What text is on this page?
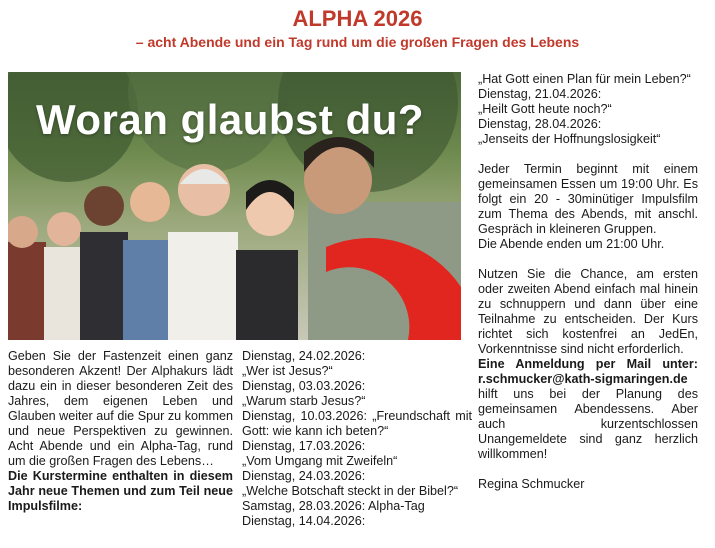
ALPHA 2026
– acht Abende und ein Tag rund um die großen Fragen des Lebens
Woran glaubst du?

Geben Sie der Fastenzeit einen ganz besonderen Akzent! Der Alphakurs lädt dazu ein in dieser besonderen Zeit des Jahres, dem eigenen Leben und Glauben weiter auf die Spur zu kommen und neue Perspektiven zu gewinnen. Acht Abende und ein Alpha-Tag, rund um die großen Fragen des Lebens…

Die Kurstermine enthalten in diesem Jahr neue Themen und zum Teil neue Impulsfilme:

Dienstag, 24.02.2026:

„Wer ist Jesus?“

Dienstag, 03.03.2026:

„Warum starb Jesus?“

Dienstag, 10.03.2026: „Freundschaft mit Gott: wie kann ich beten?“

Dienstag, 17.03.2026:

„Vom Umgang mit Zweifeln“

Dienstag, 24.03.2026:

„Welche Botschaft steckt in der Bibel?“

Samstag, 28.03.2026: Alpha-Tag

Dienstag, 14.04.2026:

„Hat Gott einen Plan für mein Leben?“

Dienstag, 21.04.2026:

„Heilt Gott heute noch?“

Dienstag, 28.04.2026:

„Jenseits der Hoffnungslosigkeit“

Jeder Termin beginnt mit einem gemeinsamen Essen um 19:00 Uhr. Es folgt ein 20 - 30minütiger Impulsfilm zum Thema des Abends, mit anschl. Gespräch in kleineren Gruppen.

Die Abende enden um 21:00 Uhr.

Nutzen Sie die Chance, am ersten oder zweiten Abend einfach mal hinein zu schnuppern und dann über eine Teilnahme zu entscheiden. Der Kurs richtet sich kostenfrei an JedEn, Vorkenntnisse sind nicht erforderlich.

Eine Anmeldung per Mail unter: r.schmucker@kath-sigmaringen.de

hilft uns bei der Planung des gemeinsamen Abendessens. Aber auch kurzentschlossen Unangemeldete sind ganz herzlich willkommen!

Regina Schmucker
